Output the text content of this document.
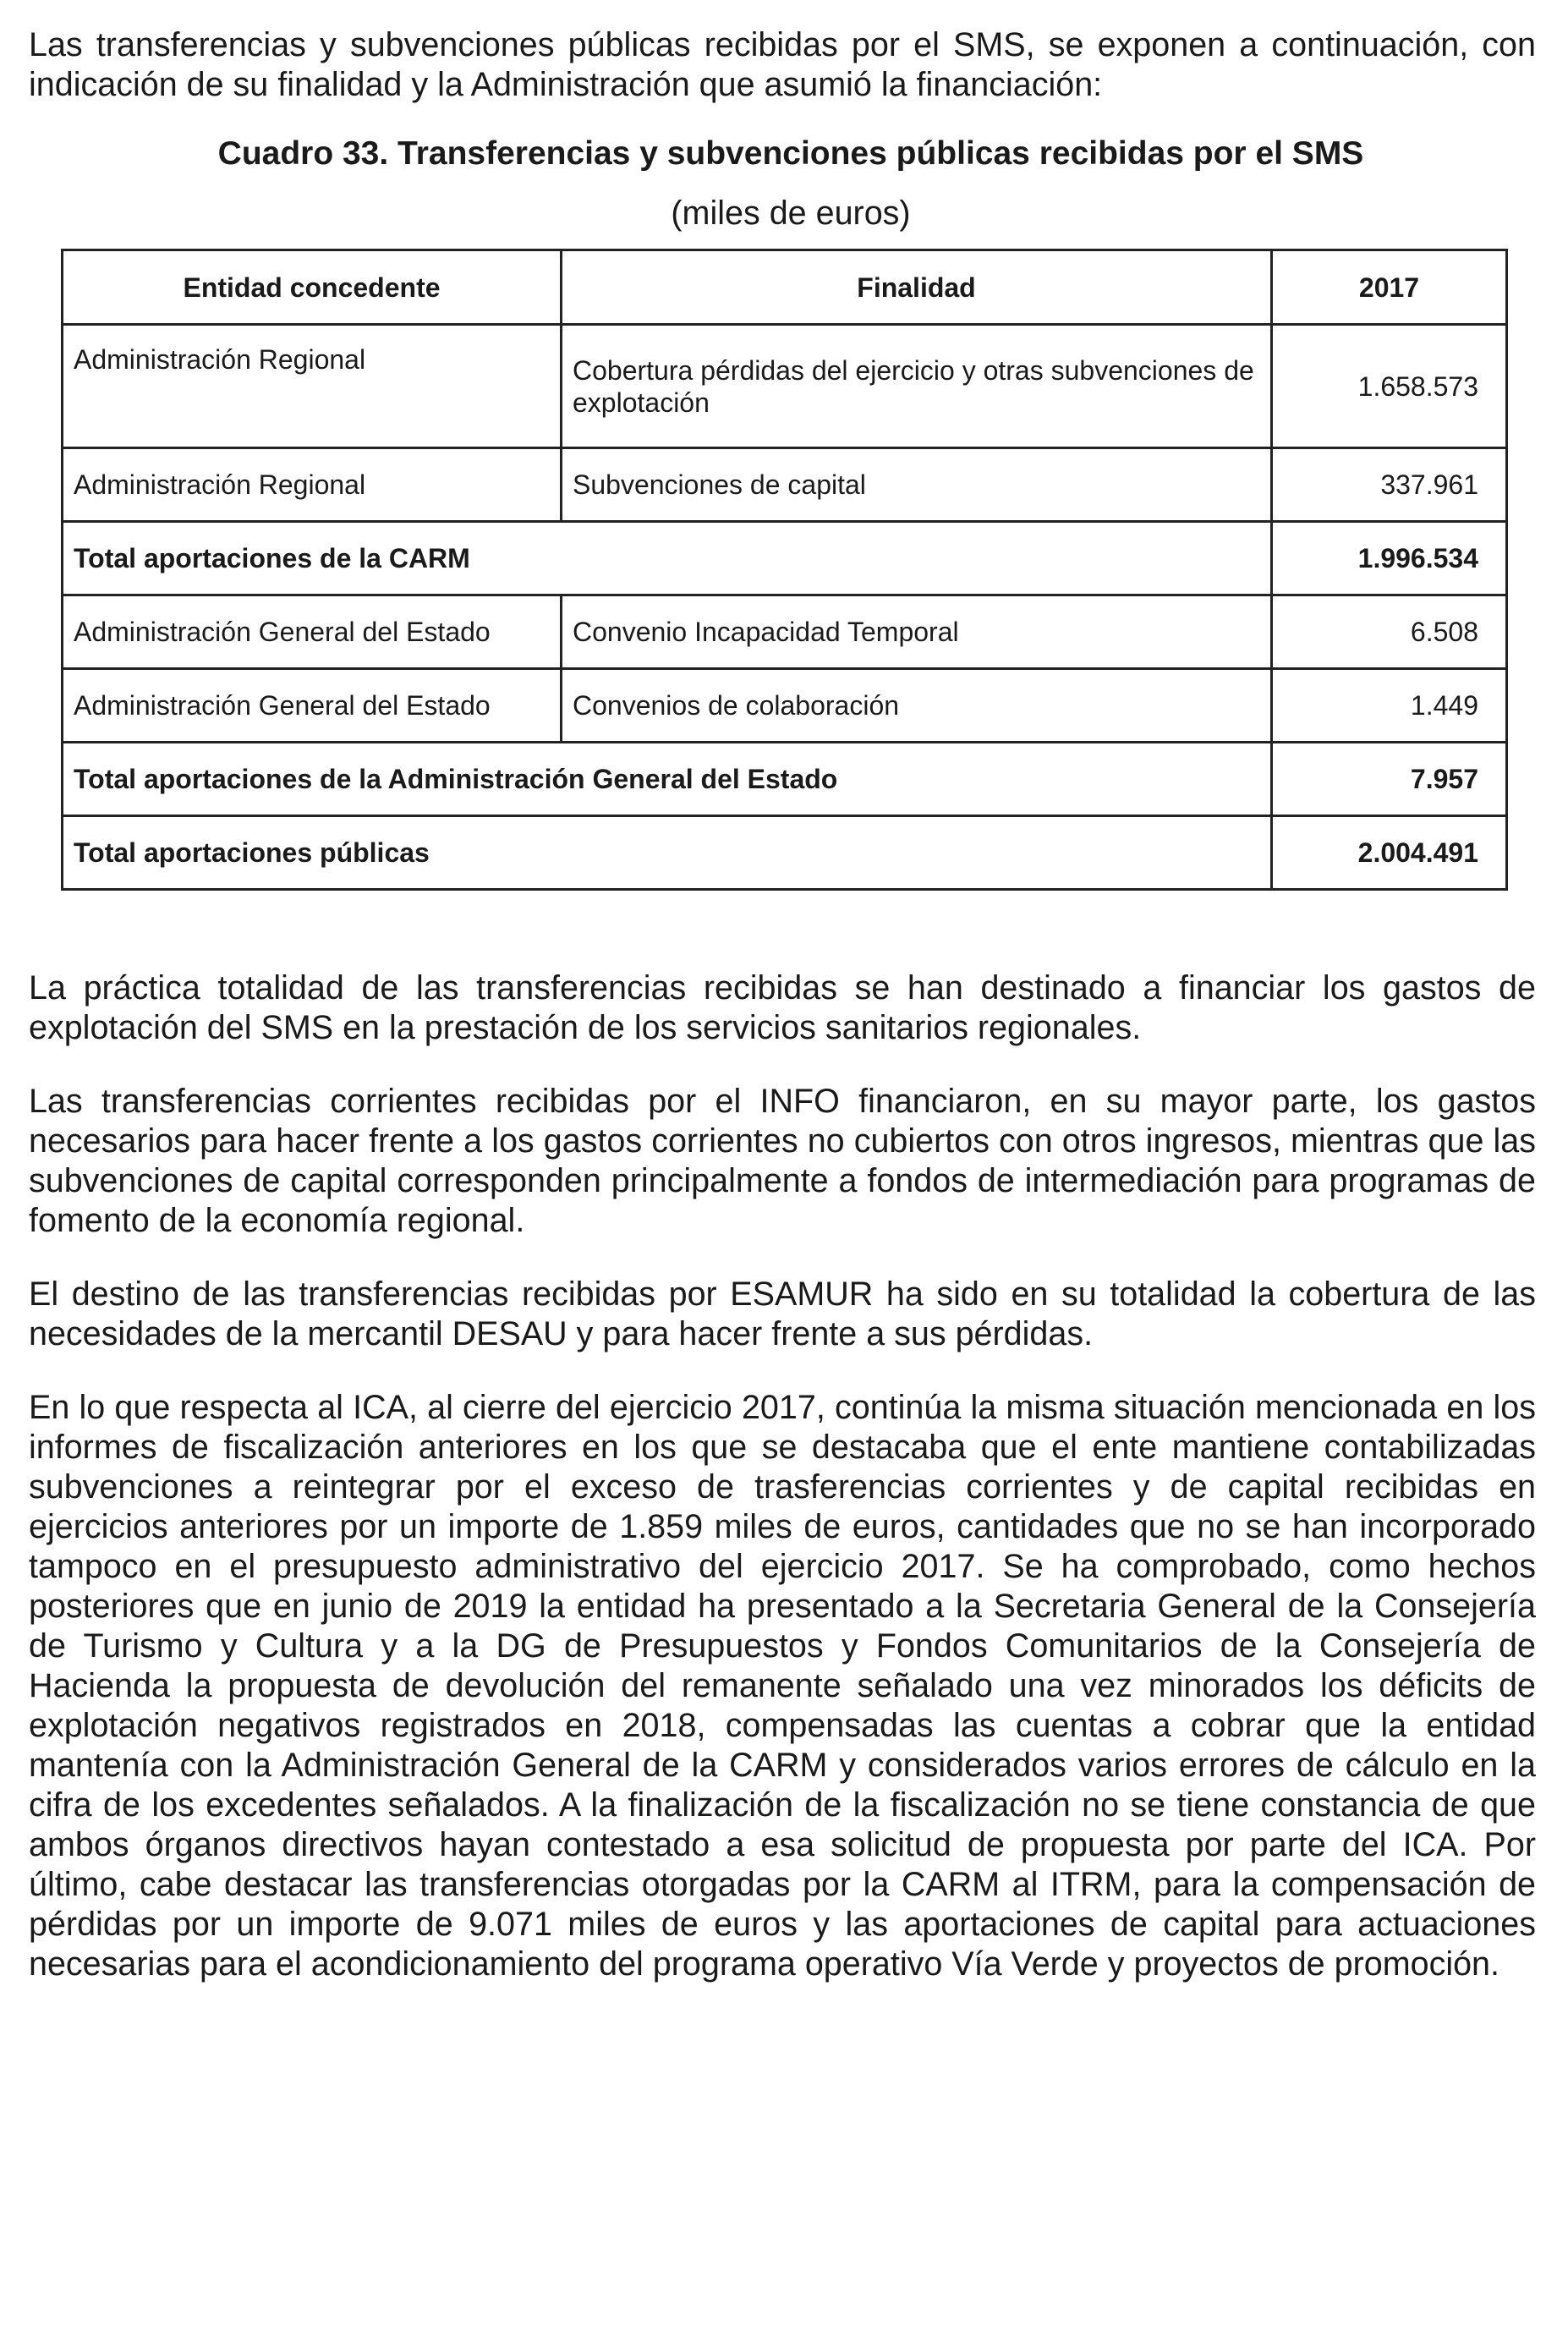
Las transferencias y subvenciones públicas recibidas por el SMS, se exponen a continuación, con indicación de su finalidad y la Administración que asumió la financiación:

Cuadro 33. Transferencias y subvenciones públicas recibidas por el SMS

(miles de euros)

Entidad concedente	Finalidad	2017
Administración Regional	Cobertura pérdidas del ejercicio y otras subvenciones de explotación	1.658.573
Administración Regional	Subvenciones de capital	337.961
Total aportaciones de la CARM		1.996.534
Administración General del Estado	Convenio Incapacidad Temporal	6.508
Administración General del Estado	Convenios de colaboración	1.449
Total aportaciones de la Administración General del Estado		7.957
Total aportaciones públicas		2.004.491

La práctica totalidad de las transferencias recibidas se han destinado a financiar los gastos de explotación del SMS en la prestación de los servicios sanitarios regionales.

Las transferencias corrientes recibidas por el INFO financiaron, en su mayor parte, los gastos necesarios para hacer frente a los gastos corrientes no cubiertos con otros ingresos, mientras que las subvenciones de capital corresponden principalmente a fondos de intermediación para programas de fomento de la economía regional.

El destino de las transferencias recibidas por ESAMUR ha sido en su totalidad la cobertura de las necesidades de la mercantil DESAU y para hacer frente a sus pérdidas.

En lo que respecta al ICA, al cierre del ejercicio 2017, continúa la misma situación mencionada en los informes de fiscalización anteriores en los que se destacaba que el ente mantiene contabilizadas subvenciones a reintegrar por el exceso de trasferencias corrientes y de capital recibidas en ejercicios anteriores por un importe de 1.859 miles de euros, cantidades que no se han incorporado tampoco en el presupuesto administrativo del ejercicio 2017. Se ha comprobado, como hechos posteriores que en junio de 2019 la entidad ha presentado a la Secretaria General de la Consejería de Turismo y Cultura y a la DG de Presupuestos y Fondos Comunitarios de la Consejería de Hacienda la propuesta de devolución del remanente señalado una vez minorados los déficits de explotación negativos registrados en 2018, compensadas las cuentas a cobrar que la entidad mantenía con la Administración General de la CARM y considerados varios errores de cálculo en la cifra de los excedentes señalados. A la finalización de la fiscalización no se tiene constancia de que ambos órganos directivos hayan contestado a esa solicitud de propuesta por parte del ICA. Por último, cabe destacar las transferencias otorgadas por la CARM al ITRM, para la compensación de pérdidas por un importe de 9.071 miles de euros y las aportaciones de capital para actuaciones necesarias para el acondicionamiento del programa operativo Vía Verde y proyectos de promoción.
